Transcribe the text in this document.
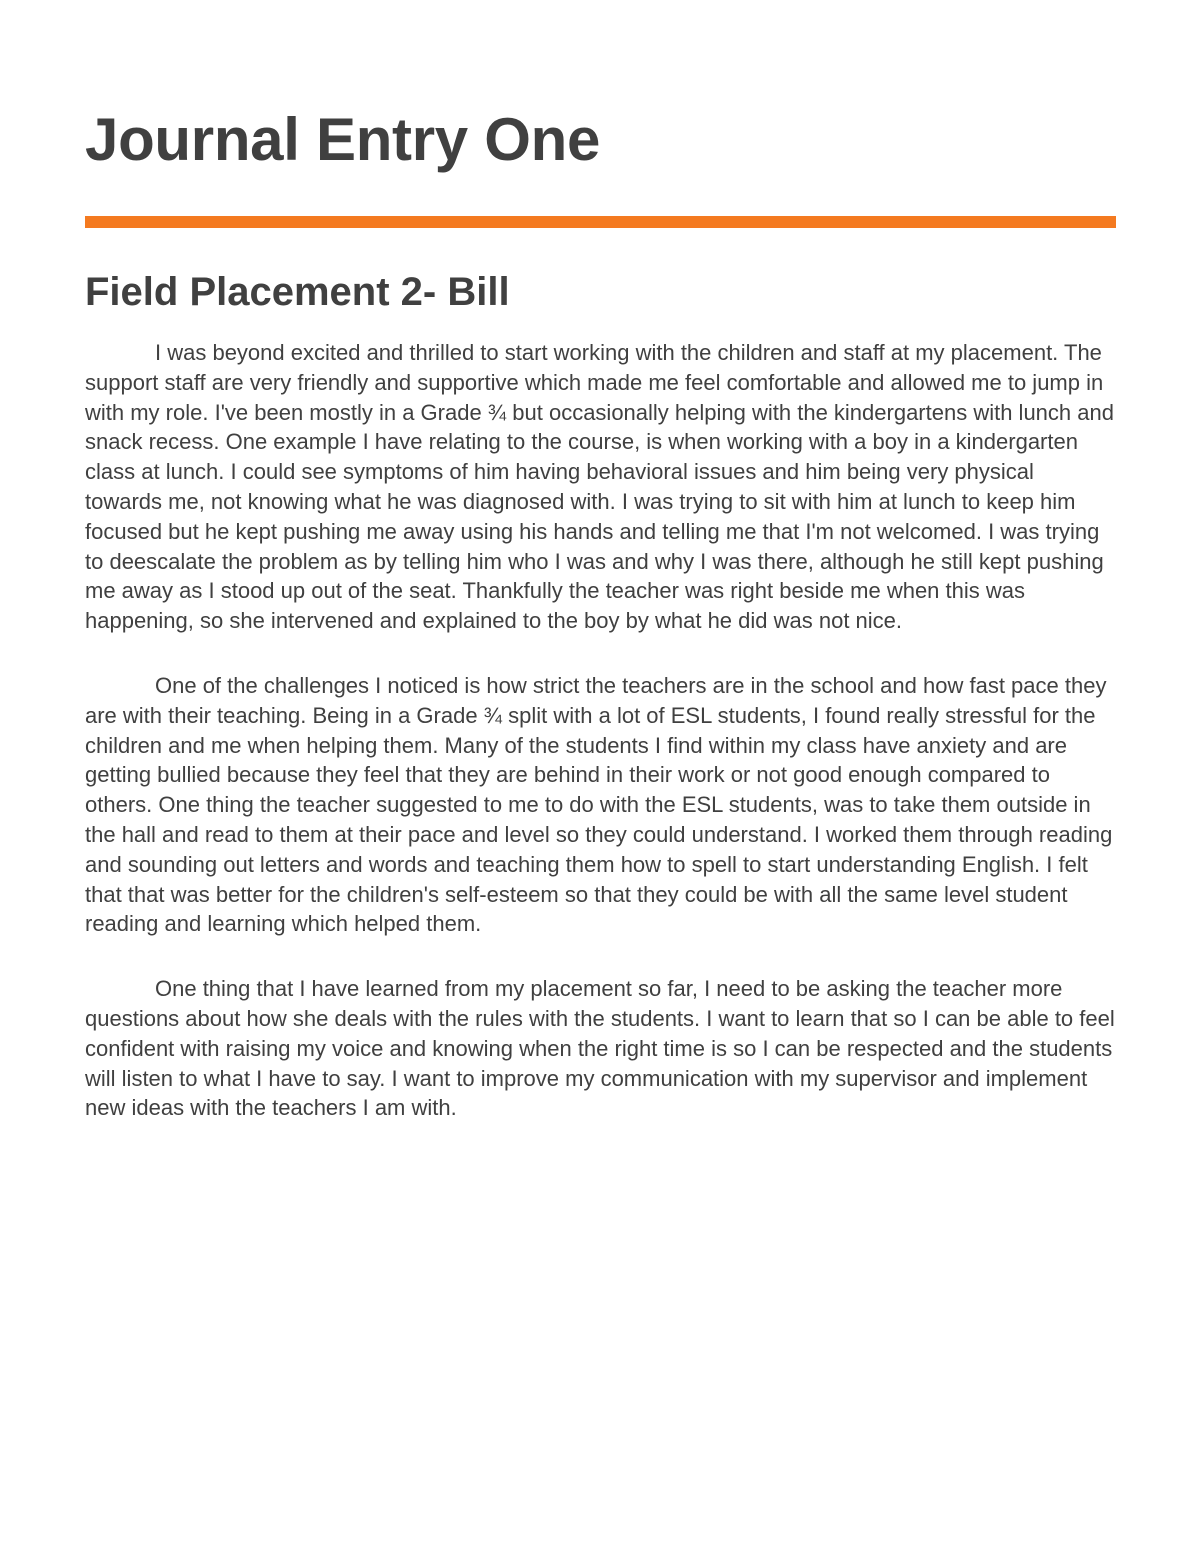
Journal Entry One
Field Placement 2- Bill

I was beyond excited and thrilled to start working with the children and staff at my placement. The support staff are very friendly and supportive which made me feel comfortable and allowed me to jump in with my role. I've been mostly in a Grade ¾ but occasionally helping with the kindergartens with lunch and snack recess. One example I have relating to the course, is when working with a boy in a kindergarten class at lunch. I could see symptoms of him having behavioral issues and him being very physical towards me, not knowing what he was diagnosed with. I was trying to sit with him at lunch to keep him focused but he kept pushing me away using his hands and telling me that I'm not welcomed. I was trying to deescalate the problem as by telling him who I was and why I was there, although he still kept pushing me away as I stood up out of the seat. Thankfully the teacher was right beside me when this was happening, so she intervened and explained to the boy by what he did was not nice.

One of the challenges I noticed is how strict the teachers are in the school and how fast pace they are with their teaching. Being in a Grade ¾ split with a lot of ESL students, I found really stressful for the children and me when helping them. Many of the students I find within my class have anxiety and are getting bullied because they feel that they are behind in their work or not good enough compared to others. One thing the teacher suggested to me to do with the ESL students, was to take them outside in the hall and read to them at their pace and level so they could understand. I worked them through reading and sounding out letters and words and teaching them how to spell to start understanding English. I felt that that was better for the children's self-esteem so that they could be with all the same level student reading and learning which helped them.

One thing that I have learned from my placement so far, I need to be asking the teacher more questions about how she deals with the rules with the students. I want to learn that so I can be able to feel confident with raising my voice and knowing when the right time is so I can be respected and the students will listen to what I have to say. I want to improve my communication with my supervisor and implement new ideas with the teachers I am with.
